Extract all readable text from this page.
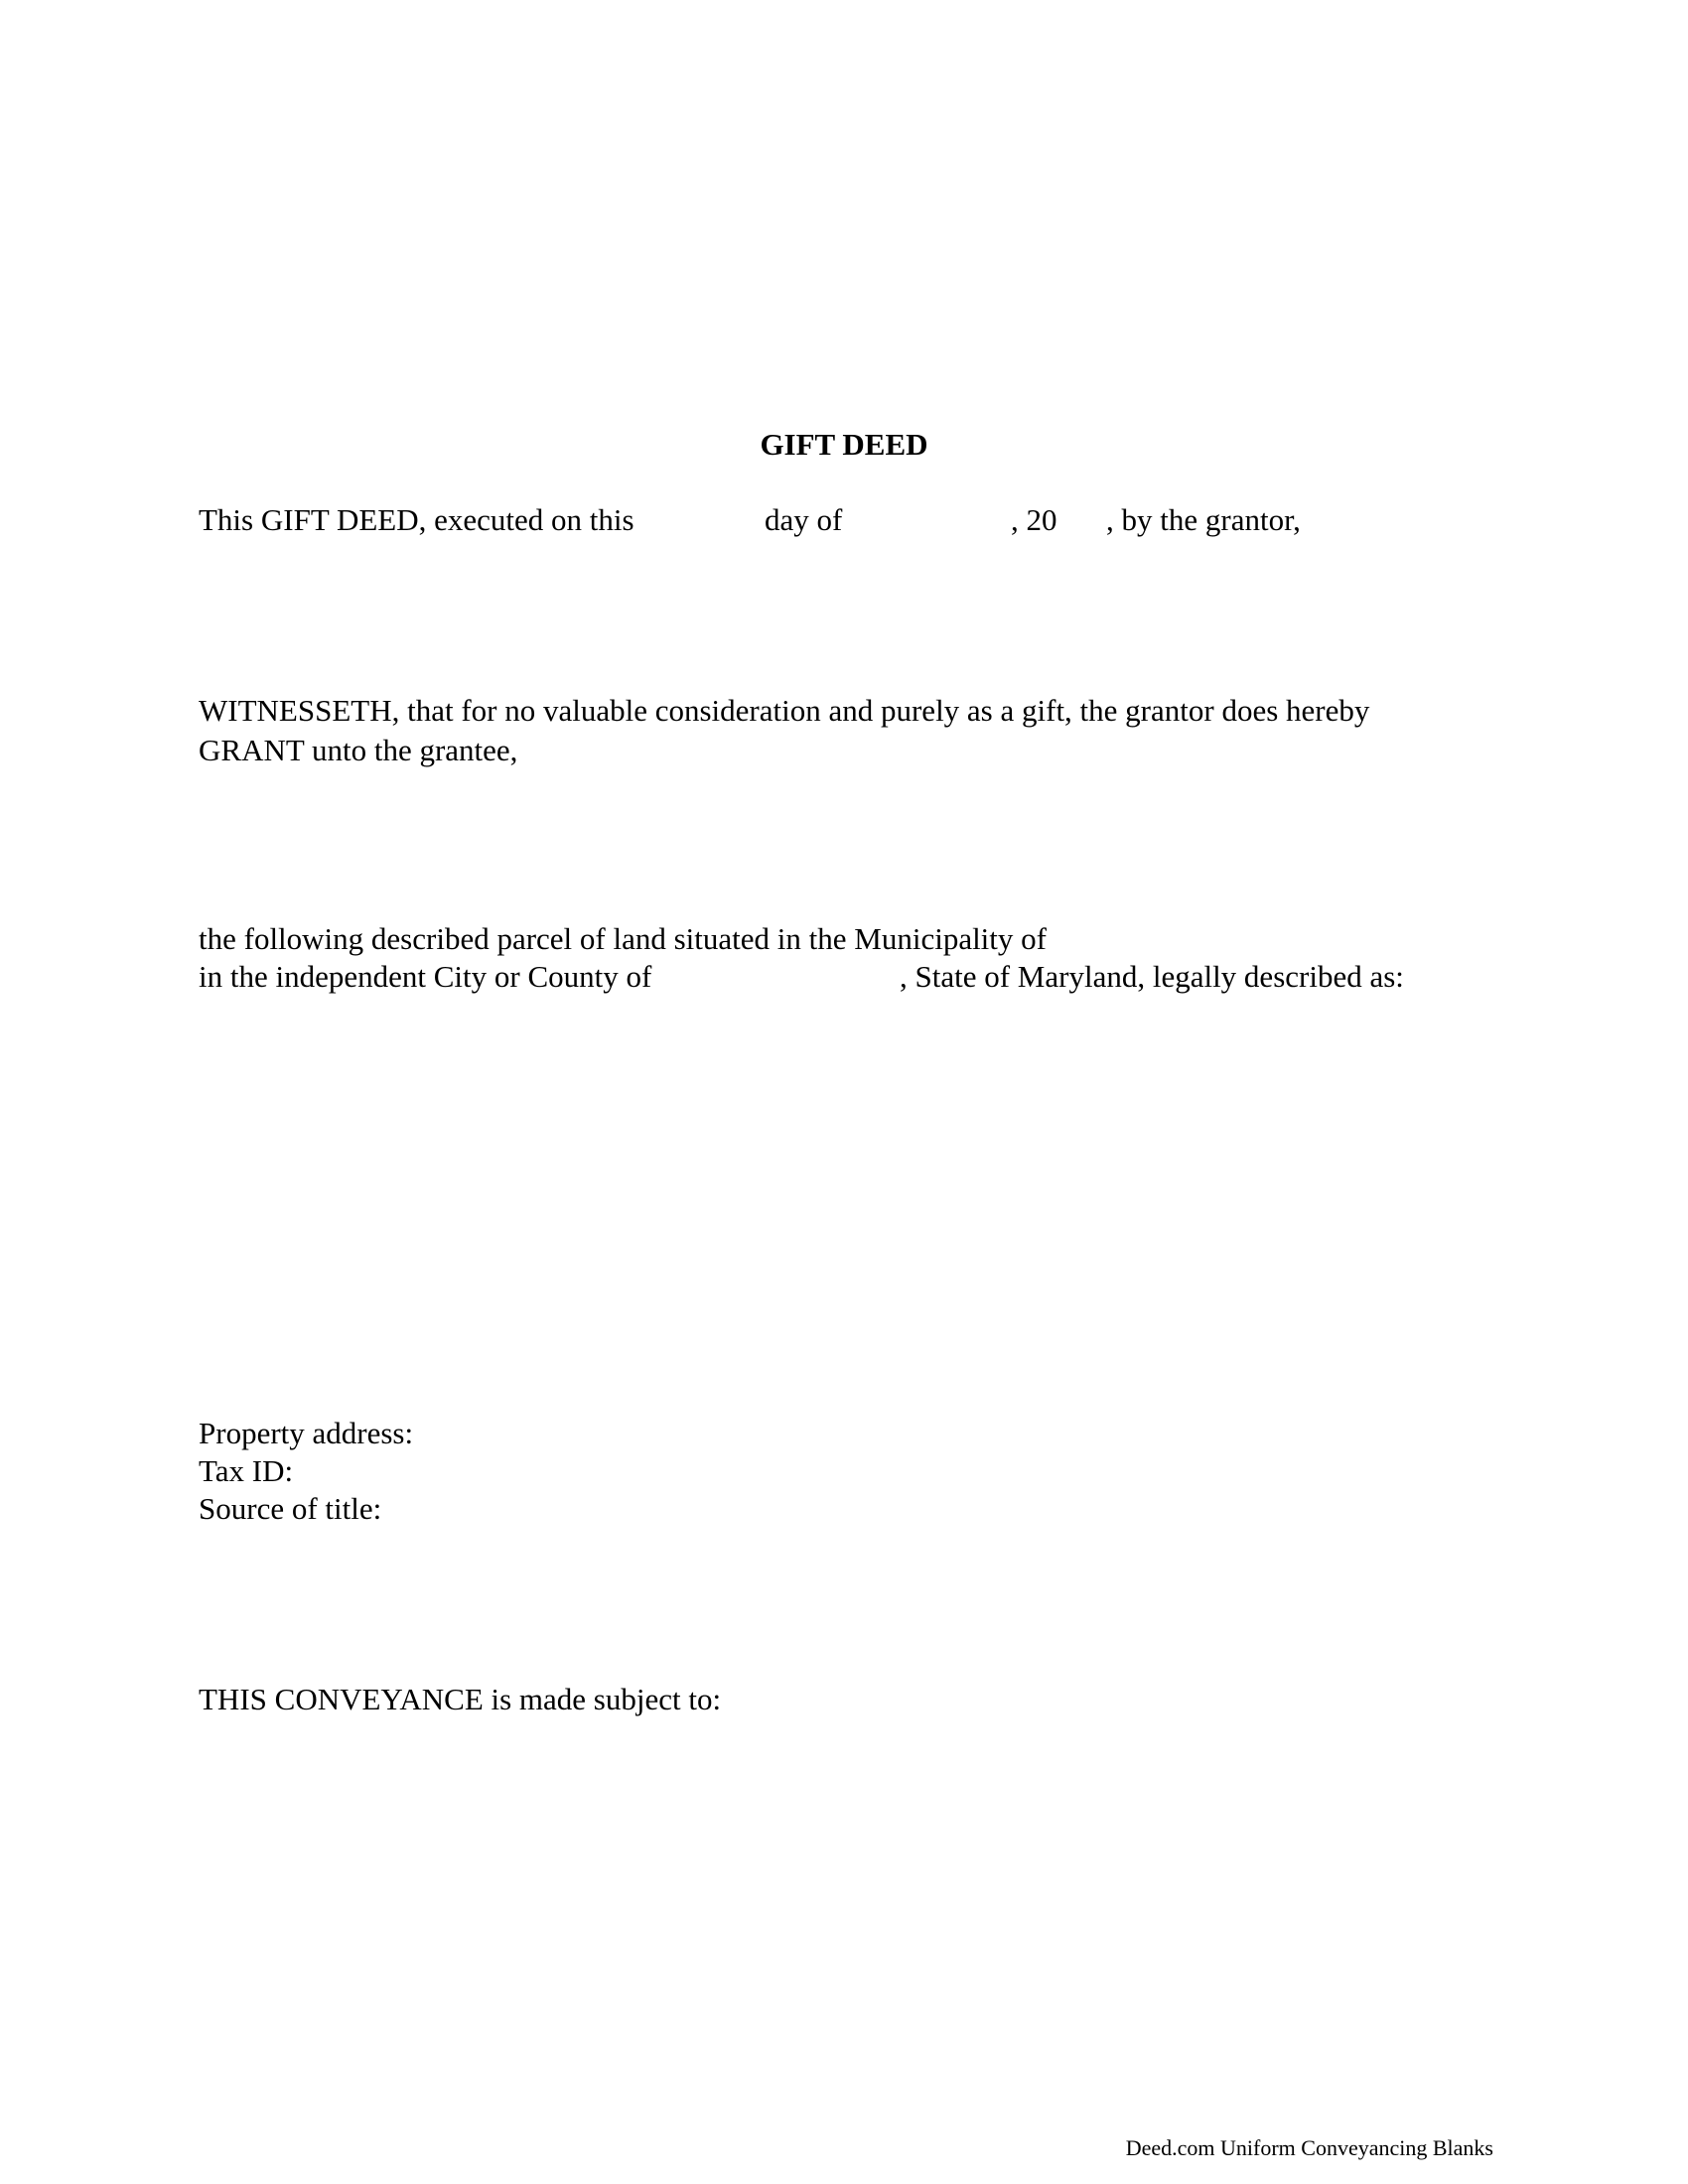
GIFT DEED
This GIFT DEED, executed on this	day of	, 20 , by the grantor,
WITNESSETH, that for no valuable consideration and purely as a gift, the grantor does hereby
GRANT unto the grantee,
the following described parcel of land situated in the Municipality of
in the independent City or County of	, State of Maryland, legally described as:
Property address:
Tax ID:
Source of title:
THIS CONVEYANCE is made subject to:
Deed.com Uniform Conveyancing Blanks
